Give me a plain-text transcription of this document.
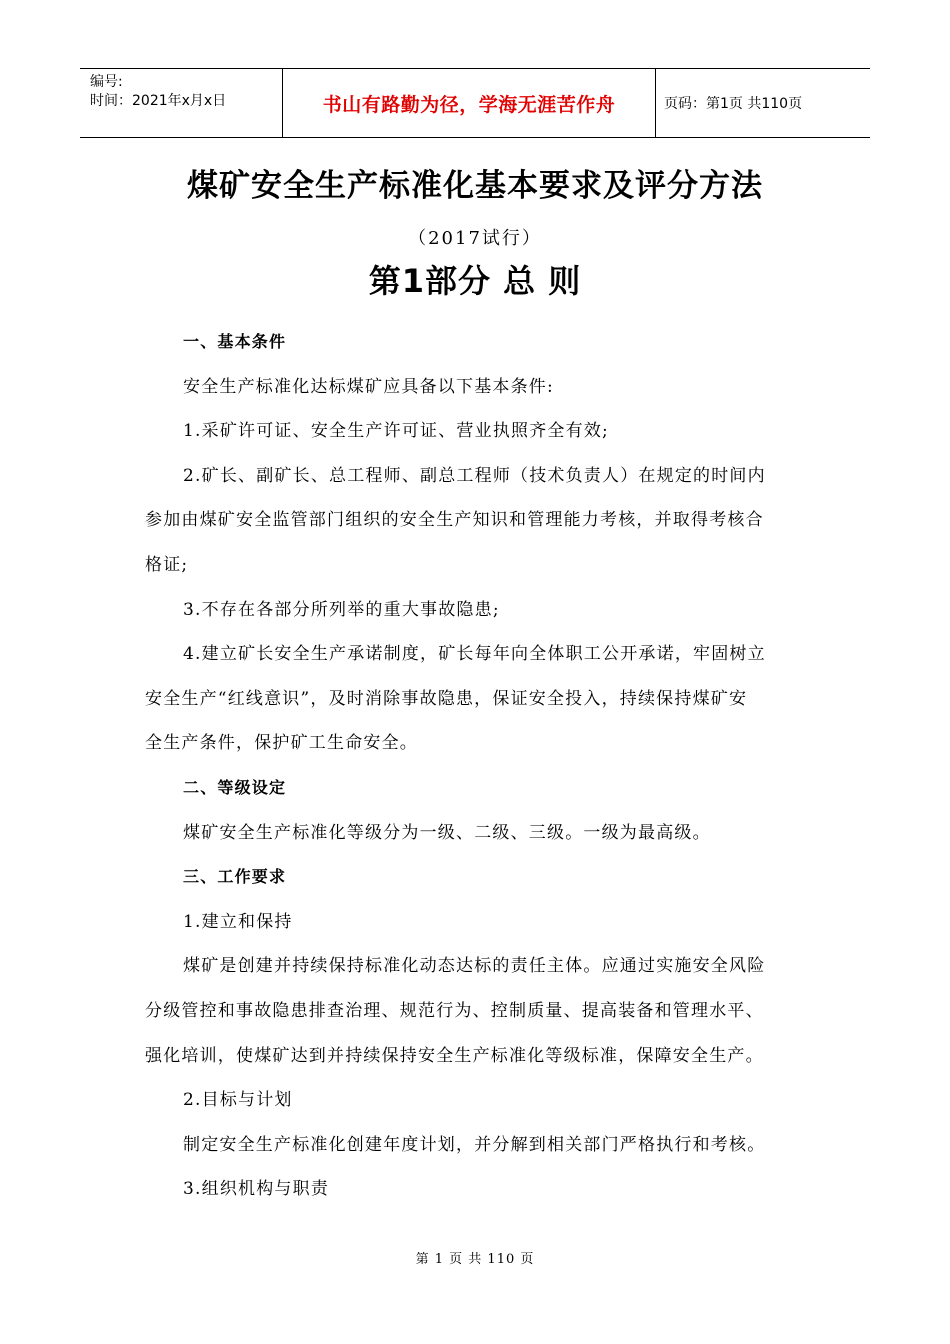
编号:
时间：2021年x月x日	书山有路勤为径，学海无涯苦作舟	页码：第1页 共110页
煤矿安全生产标准化基本要求及评分方法
（2017试行）
第1部分 总 则

一、基本条件

安全生产标准化达标煤矿应具备以下基本条件:

1.采矿许可证、安全生产许可证、营业执照齐全有效;

2.矿长、副矿长、总工程师、副总工程师（技术负责人）在规定的时间内

参加由煤矿安全监管部门组织的安全生产知识和管理能力考核，并取得考核合

格证;

3.不存在各部分所列举的重大事故隐患;

4.建立矿长安全生产承诺制度，矿长每年向全体职工公开承诺，牢固树立

安全生产“红线意识”，及时消除事故隐患，保证安全投入，持续保持煤矿安

全生产条件，保护矿工生命安全。

二、等级设定

煤矿安全生产标准化等级分为一级、二级、三级。一级为最高级。

三、工作要求

1.建立和保持

煤矿是创建并持续保持标准化动态达标的责任主体。应通过实施安全风险

分级管控和事故隐患排查治理、规范行为、控制质量、提高装备和管理水平、

强化培训，使煤矿达到并持续保持安全生产标准化等级标准，保障安全生产。

2.目标与计划

制定安全生产标准化创建年度计划，并分解到相关部门严格执行和考核。

3.组织机构与职责

第 1 页 共 110 页
